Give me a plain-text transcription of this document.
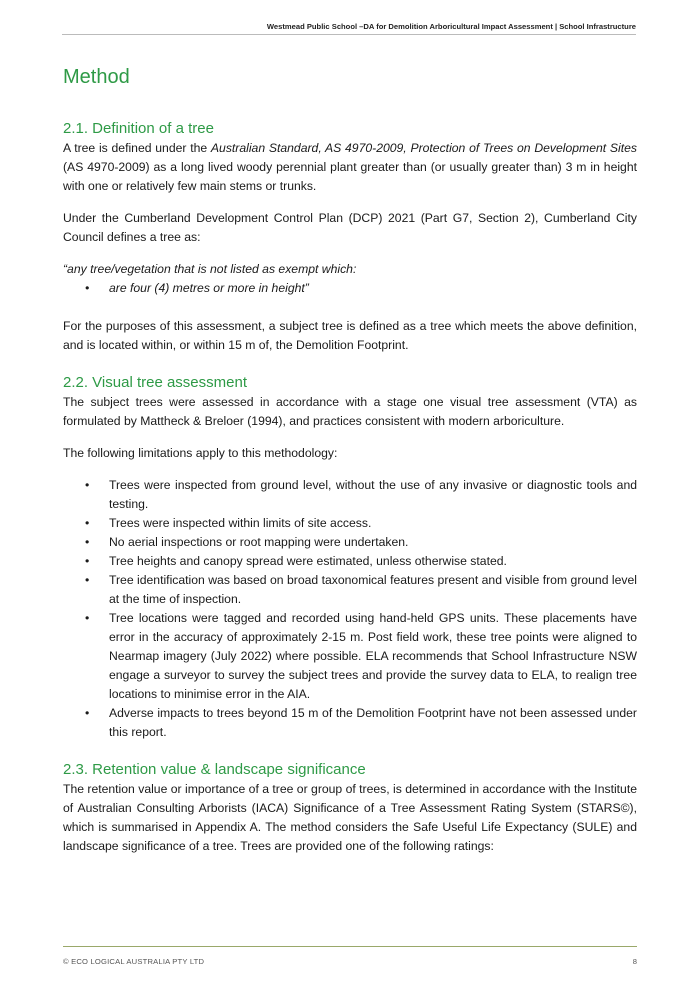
Westmead Public School –DA for Demolition Arboricultural Impact Assessment | School Infrastructure
Method
2.1. Definition of a tree

A tree is defined under the Australian Standard, AS 4970-2009, Protection of Trees on Development Sites (AS 4970-2009) as a long lived woody perennial plant greater than (or usually greater than) 3 m in height with one or relatively few main stems or trunks.

Under the Cumberland Development Control Plan (DCP) 2021 (Part G7, Section 2), Cumberland City Council defines a tree as:

“any tree/vegetation that is not listed as exempt which:

• are four (4) metres or more in height”

For the purposes of this assessment, a subject tree is defined as a tree which meets the above definition, and is located within, or within 15 m of, the Demolition Footprint.

2.2. Visual tree assessment

The subject trees were assessed in accordance with a stage one visual tree assessment (VTA) as formulated by Mattheck & Breloer (1994), and practices consistent with modern arboriculture.

The following limitations apply to this methodology:

• Trees were inspected from ground level, without the use of any invasive or diagnostic tools and testing.
• Trees were inspected within limits of site access.
• No aerial inspections or root mapping were undertaken.
• Tree heights and canopy spread were estimated, unless otherwise stated.
• Tree identification was based on broad taxonomical features present and visible from ground level at the time of inspection.
• Tree locations were tagged and recorded using hand-held GPS units. These placements have error in the accuracy of approximately 2-15 m. Post field work, these tree points were aligned to Nearmap imagery (July 2022) where possible. ELA recommends that School Infrastructure NSW engage a surveyor to survey the subject trees and provide the survey data to ELA, to realign tree locations to minimise error in the AIA.
• Adverse impacts to trees beyond 15 m of the Demolition Footprint have not been assessed under this report.
2.3. Retention value & landscape significance

The retention value or importance of a tree or group of trees, is determined in accordance with the Institute of Australian Consulting Arborists (IACA) Significance of a Tree Assessment Rating System (STARS©), which is summarised in Appendix A. The method considers the Safe Useful Life Expectancy (SULE) and landscape significance of a tree. Trees are provided one of the following ratings:

© ECO LOGICAL AUSTRALIA PTY LTD	8
